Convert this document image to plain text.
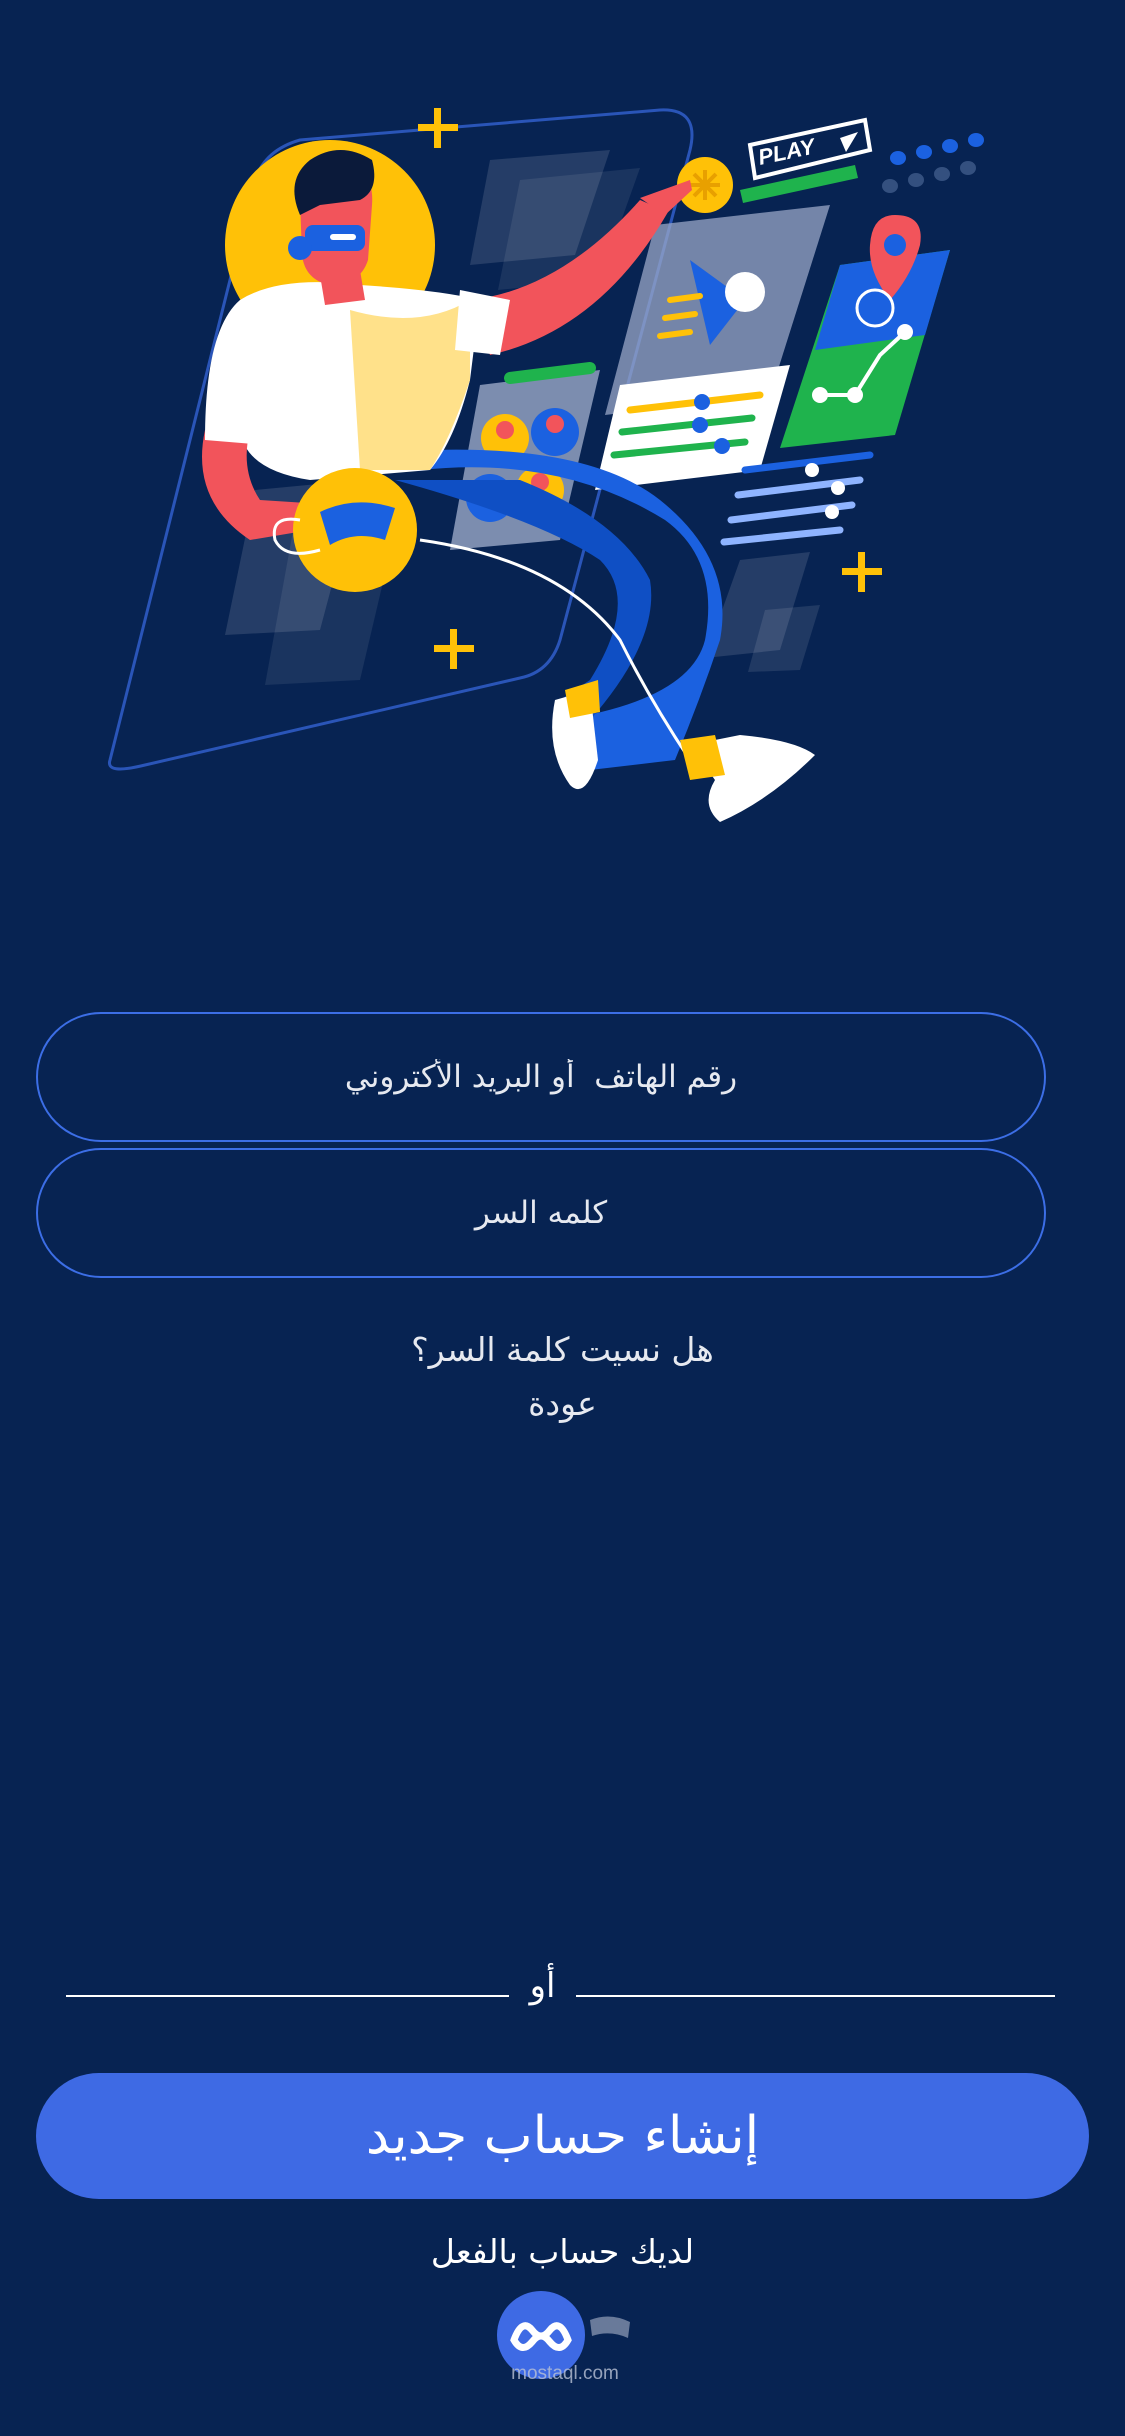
PLAY
رقم الهاتف أو البريد الأكتروني
هل نسيت كلمة السر؟
عودة
أو
إنشاء حساب جديد
لديك حساب بالفعل
mostaql.com
